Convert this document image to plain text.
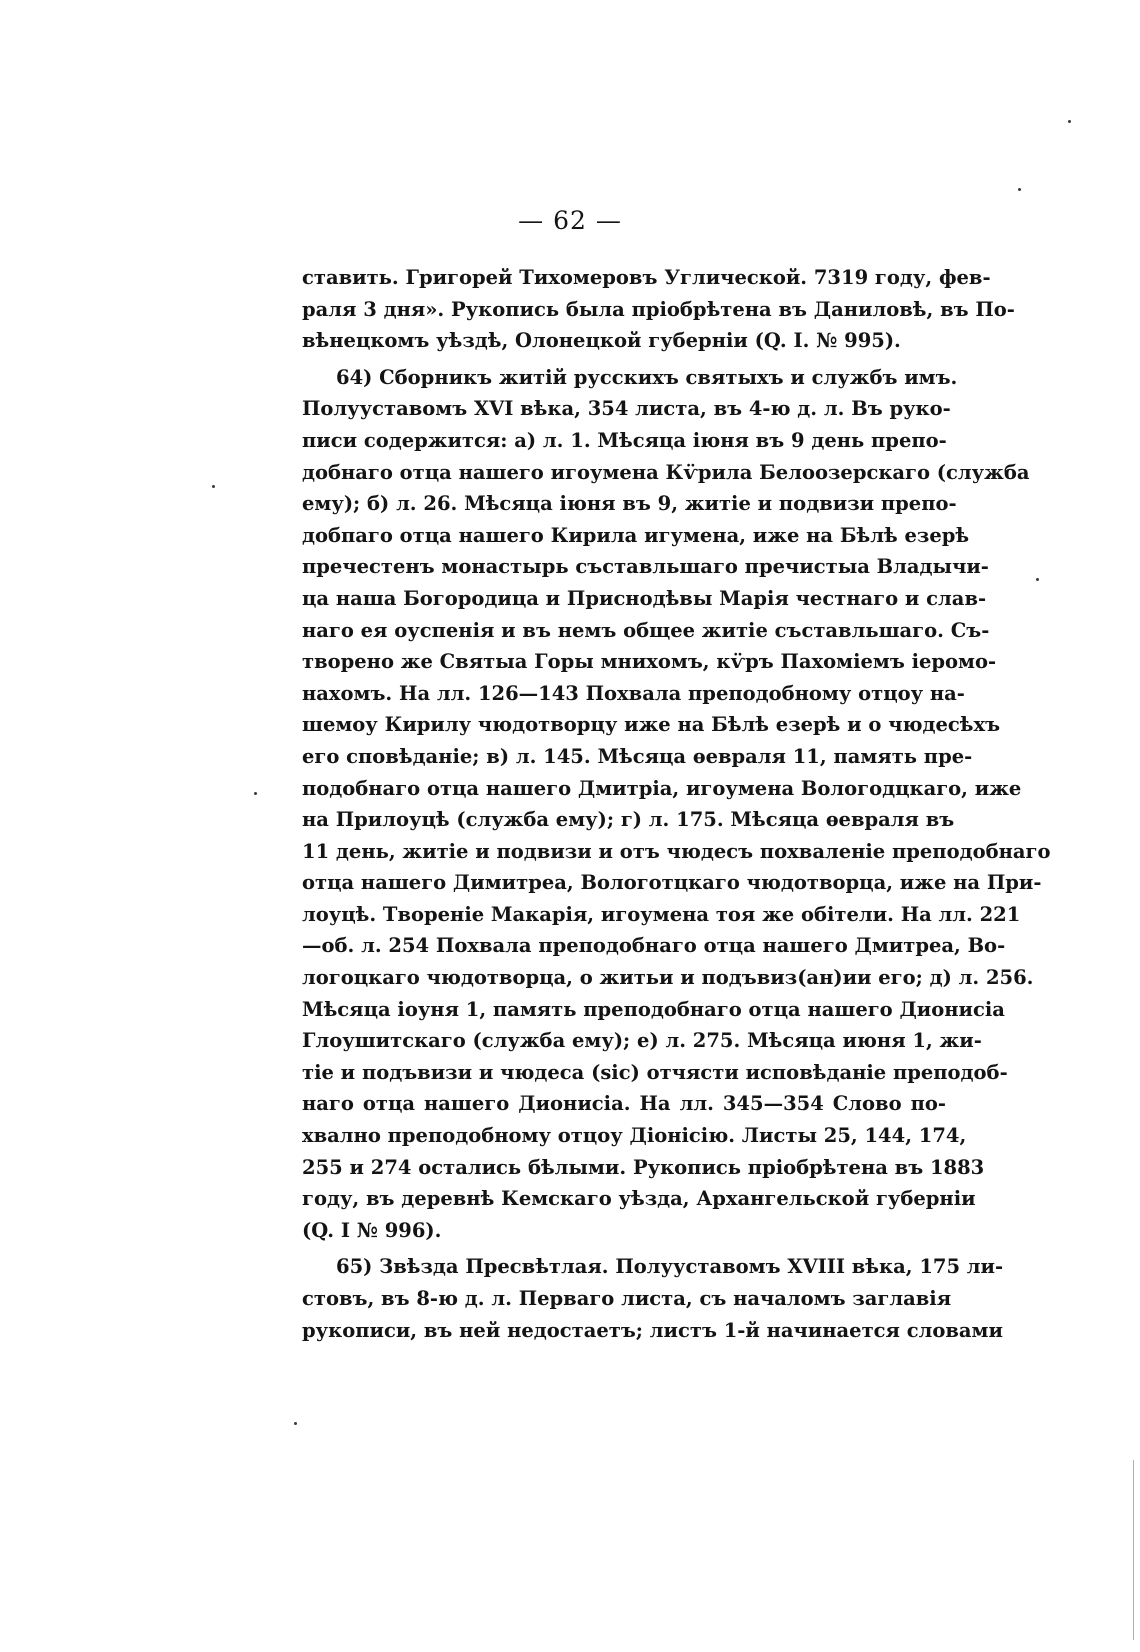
— 62 —
ставить. Григорей Тихомеровъ Углической. 7319 году, фев-
раля 3 дня». Рукопись была пріобрѣтена въ Даниловѣ, въ По-
вѣнецкомъ уѣздѣ, Олонецкой губерніи (Q. I. № 995).
64) Сборникъ житій русскихъ святыхъ и службъ имъ.
Полууставомъ XVI вѣка, 354 листа, въ 4-ю д. л. Въ руко-
писи содержится: а) л. 1. Мѣсяца іюня въ 9 день препо-
добнаго отца нашего игоумена Кѵ̈рила Белоозерскаго (служба
ему); б) л. 26. Мѣсяца іюня въ 9, житіе и подвизи препо-
добпаго отца нашего Кирила игумена, иже на Бѣлѣ езерѣ
пречестенъ монастырь съставльшаго пречистыа Владычи-
ца наша Богородица и Приснодѣвы Марія честнаго и слав-
наго ея оуспенія и въ немъ общее житіе съставльшаго. Съ-
творено же Святыа Горы мнихомъ, кѵ̈ръ Пахоміемъ іеромо-
нахомъ. На лл. 126—143 Похвала преподобному отцоу на-
шемоу Кирилу чюдотворцу иже на Бѣлѣ езерѣ и о чюдесѣхъ
его сповѣданіе; в) л. 145. Мѣсяца ѳевраля 11, память пре-
подобнаго отца нашего Дмитріа, игоумена Вологодцкаго, иже
на Прилоуцѣ (служба ему); г) л. 175. Мѣсяца ѳевраля въ
11 день, житіе и подвизи и отъ чюдесъ похваленіе преподобнаго
отца нашего Димитреа, Вологотцкаго чюдотворца, иже на При-
лоуцѣ. Твореніе Макарія, игоумена тоя же обітели. На лл. 221
—об. л. 254 Похвала преподобнаго отца нашего Дмитреа, Во-
логоцкаго чюдотворца, о житьи и подъвиз(ан)ии его; д) л. 256.
Мѣсяца іоуня 1, память преподобнаго отца нашего Дионисіа
Глоушитскаго (служба ему); е) л. 275. Мѣсяца июня 1, жи-
тіе и подъвизи и чюдеса (sic) отчясти исповѣданіе преподоб-
наго отца нашего Дионисіа. На лл. 345—354 Слово по-
хвално преподобному отцоу Діонісію. Листы 25, 144, 174,
255 и 274 остались бѣлыми. Рукопись пріобрѣтена въ 1883
году, въ деревнѣ Кемскаго уѣзда, Архангельской губерніи
(Q. I № 996).
65) Звѣзда Пресвѣтлая. Полууставомъ XVIII вѣка, 175 ли-
стовъ, въ 8-ю д. л. Перваго листа, съ началомъ заглавія
рукописи, въ ней недостаетъ; листъ 1-й начинается словами
